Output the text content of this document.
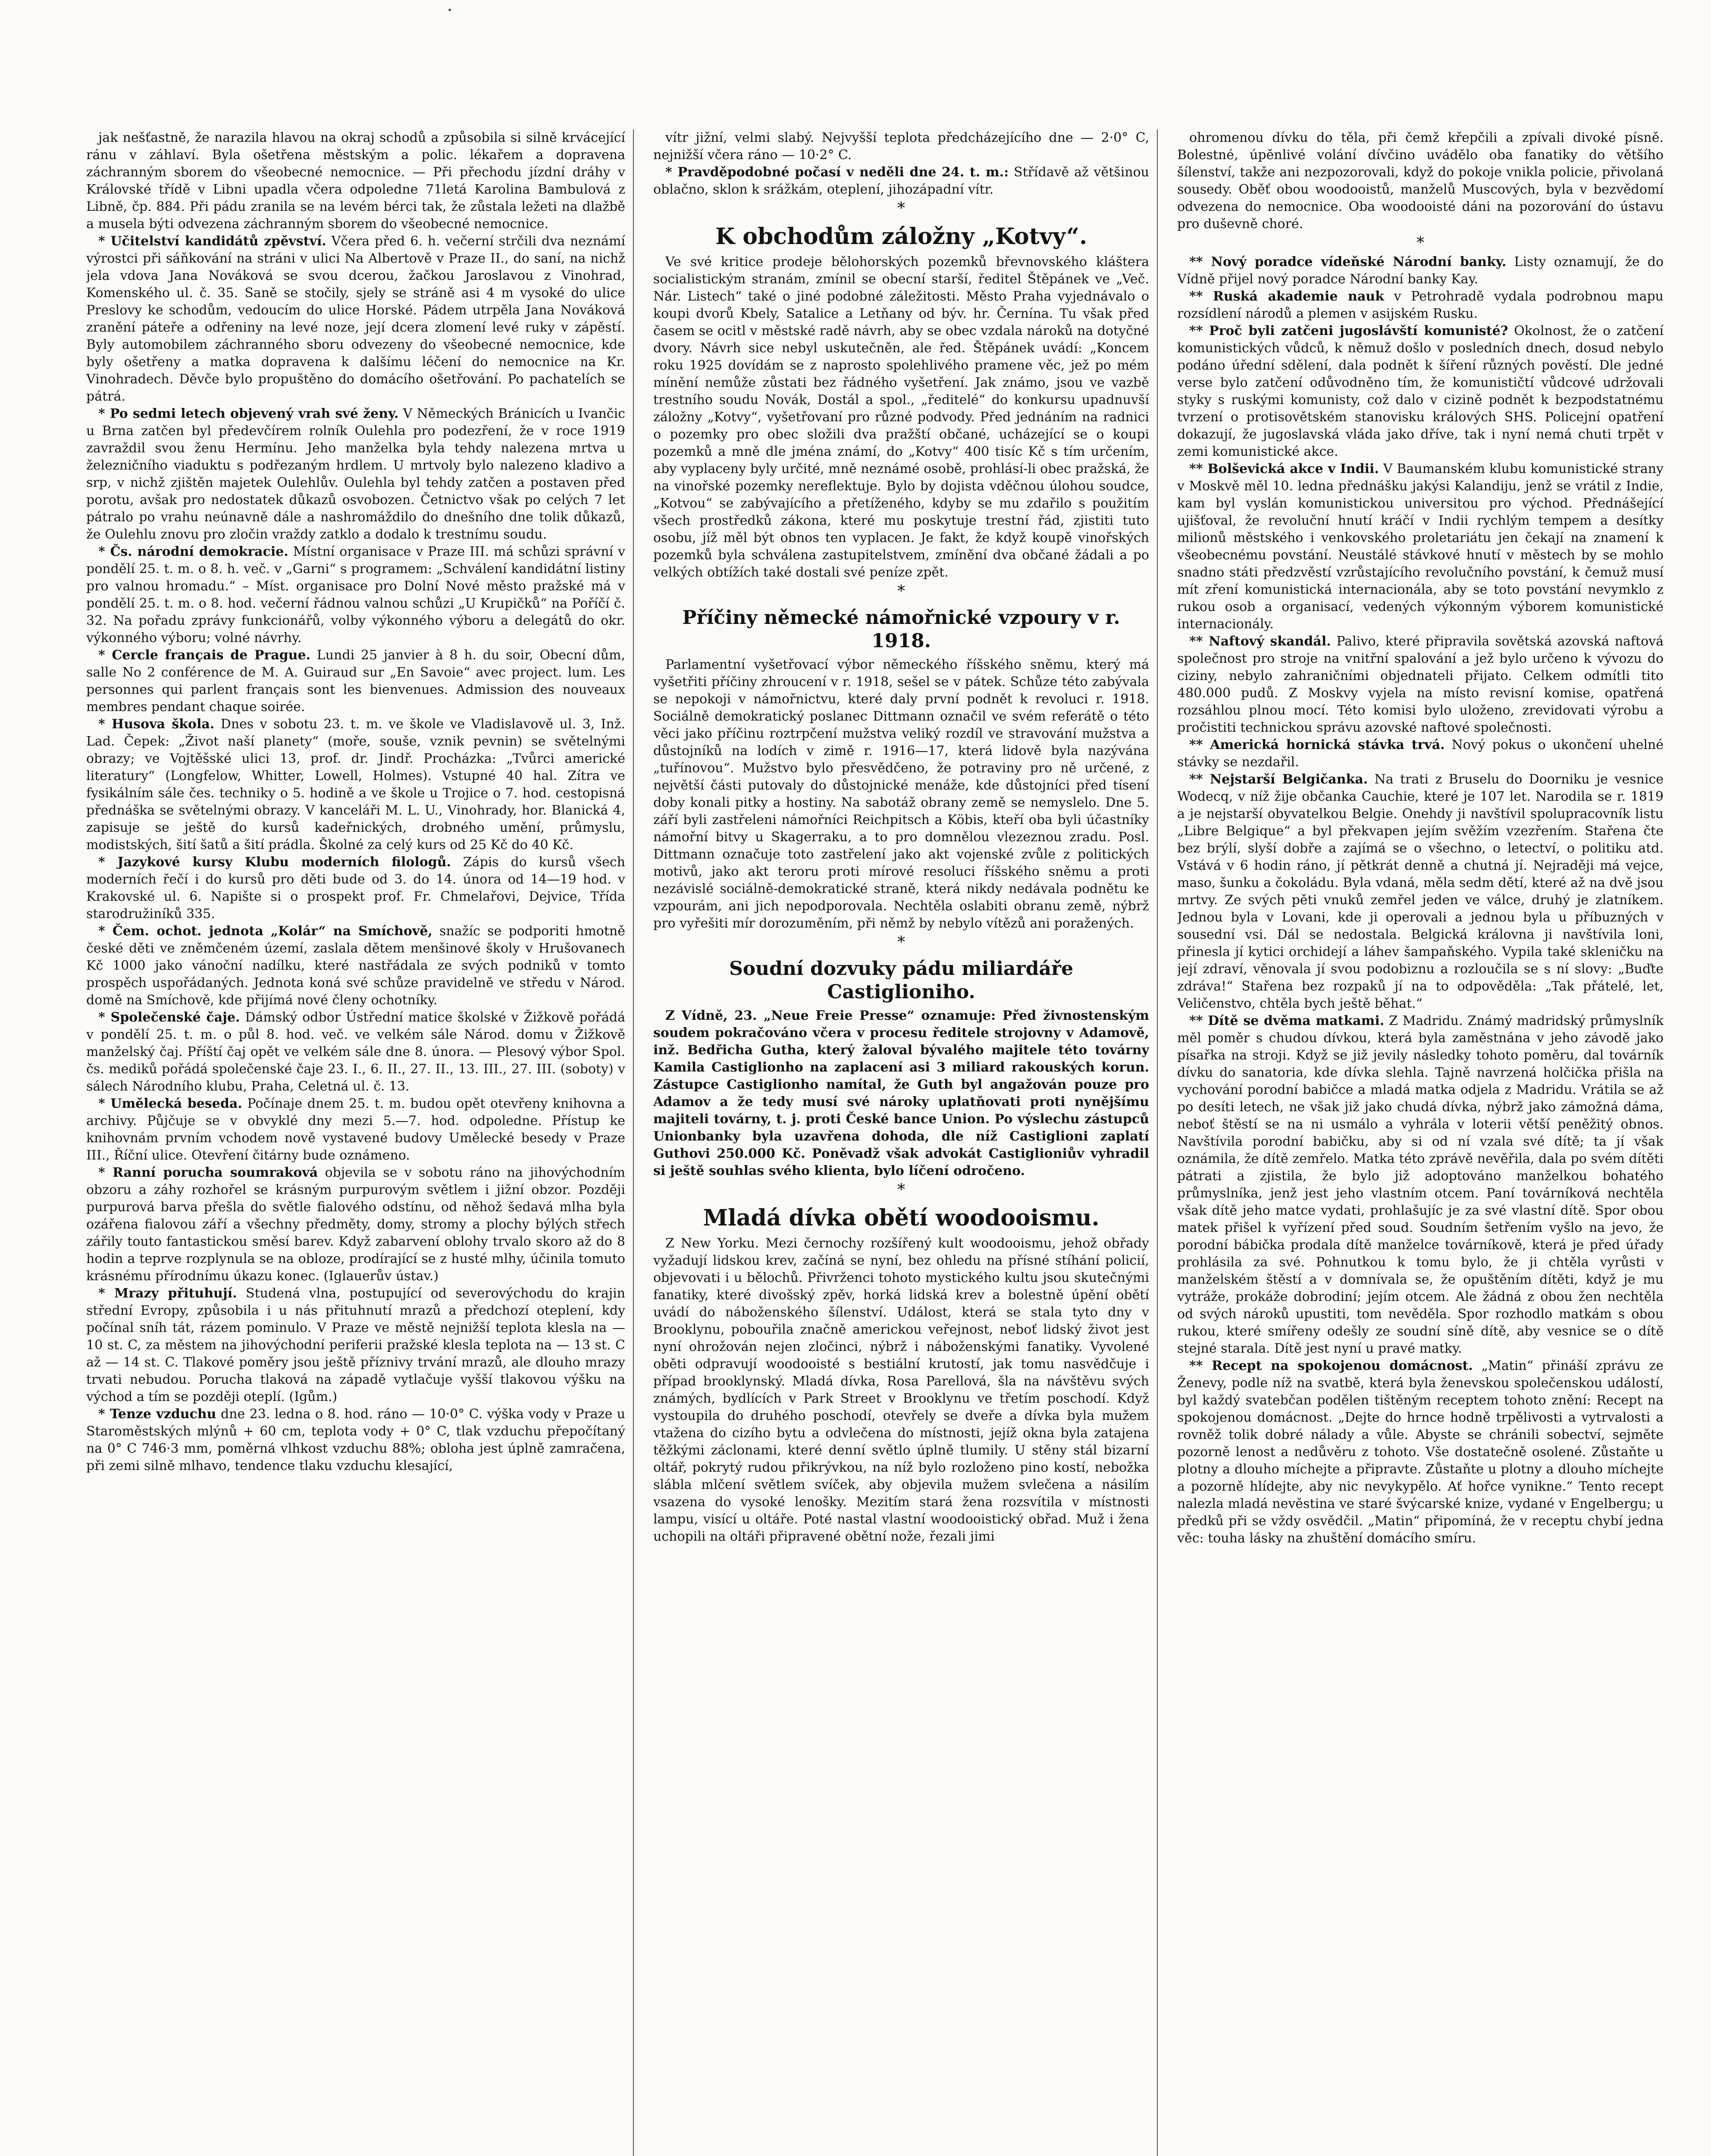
jak nešťastně, že narazila hlavou na okraj schodů a způsobila si silně krvácející ránu v záhlaví. Byla ošetřena městským a polic. lékařem a dopravena záchranným sborem do všeobecné nemocnice. — Při přechodu jízdní dráhy v Královské třídě v Libni upadla včera odpoledne 71letá Karolina Bambulová z Libně, čp. 884. Při pádu zranila se na levém bérci tak, že zůstala ležeti na dlažbě a musela býti odvezena záchranným sborem do všeobecné nemocnice.

* Učitelství kandidátů zpěvství. Včera před 6. h. večerní strčili dva neznámí výrostci při sáňkování na stráni v ulici Na Albertově v Praze II., do saní, na nichž jela vdova Jana Nováková se svou dcerou, žačkou Jaroslavou z Vinohrad, Komenského ul. č. 35. Saně se stočily, sjely se stráně asi 4 m vysoké do ulice Preslovy ke schodům, vedoucím do ulice Horské. Pádem utrpěla Jana Nováková zranění páteře a odřeniny na levé noze, její dcera zlomení levé ruky v zápěstí. Byly automobilem záchranného sboru odvezeny do všeobecné nemocnice, kde byly ošetřeny a matka dopravena k dalšímu léčení do nemocnice na Kr. Vinohradech. Děvče bylo propuštěno do domácího ošetřování. Po pachatelích se pátrá.

* Po sedmi letech objevený vrah své ženy. V Německých Bránicích u Ivančic u Brna zatčen byl předevčírem rolník Oulehla pro podezření, že v roce 1919 zavraždil svou ženu Hermínu. Jeho manželka byla tehdy nalezena mrtva u železničního viaduktu s podřezaným hrdlem. U mrtvoly bylo nalezeno kladivo a srp, v nichž zjištěn majetek Oulehlův. Oulehla byl tehdy zatčen a postaven před porotu, avšak pro nedostatek důkazů osvobozen. Četnictvo však po celých 7 let pátralo po vrahu neúnavně dále a nashromáždilo do dnešního dne tolik důkazů, že Oulehlu znovu pro zločin vraždy zatklo a dodalo k trestnímu soudu.

* Čs. národní demokracie. Místní organisace v Praze III. má schůzi správní v pondělí 25. t. m. o 8. h. več. v „Garni“ s programem: „Schválení kandidátní listiny pro valnou hromadu.“ – Míst. organisace pro Dolní Nové město pražské má v pondělí 25. t. m. o 8. hod. večerní řádnou valnou schůzi „U Krupičků“ na Poříčí č. 32. Na pořadu zprávy funkcionářů, volby výkonného výboru a delegátů do okr. výkonného výboru; volné návrhy.

* Cercle français de Prague. Lundi 25 janvier à 8 h. du soir, Obecní dům, salle No 2 conférence de M. A. Guiraud sur „En Savoie“ avec project. lum. Les personnes qui parlent français sont les bienvenues. Admission des nouveaux membres pendant chaque soirée.

* Husova škola. Dnes v sobotu 23. t. m. ve škole ve Vladislavově ul. 3, Inž. Lad. Čepek: „Život naší planety“ (moře, souše, vznik pevnin) se světelnými obrazy; ve Vojtěšské ulici 13, prof. dr. Jindř. Procházka: „Tvůrci americké literatury“ (Longfelow, Whitter, Lowell, Holmes). Vstupné 40 hal. Zítra ve fysikálním sále čes. techniky o 5. hodině a ve škole u Trojice o 7. hod. cestopisná přednáška se světelnými obrazy. V kanceláři M. L. U., Vinohrady, hor. Blanická 4, zapisuje se ještě do kursů kadeřnických, drobného umění, průmyslu, modistských, šití šatů a šití prádla. Školné za celý kurs od 25 Kč do 40 Kč.

* Jazykové kursy Klubu moderních filologů. Zápis do kursů všech moderních řečí i do kursů pro děti bude od 3. do 14. února od 14—19 hod. v Krakovské ul. 6. Napište si o prospekt prof. Fr. Chmelařovi, Dejvice, Třída starodružiníků 335.

* Čem. ochot. jednota „Kolár“ na Smíchově, snažíc se podporiti hmotně české děti ve zněmčeném území, zaslala dětem menšinové školy v Hrušovanech Kč 1000 jako vánoční nadílku, které nastřádala ze svých podniků v tomto prospěch uspořádaných. Jednota koná své schůze pravidelně ve středu v Národ. domě na Smíchově, kde přijímá nové členy ochotníky.

* Společenské čaje. Dámský odbor Ústřední matice školské v Žižkově pořádá v pondělí 25. t. m. o půl 8. hod. več. ve velkém sále Národ. domu v Žižkově manželský čaj. Příští čaj opět ve velkém sále dne 8. února. — Plesový výbor Spol. čs. mediků pořádá společenské čaje 23. I., 6. II., 27. II., 13. III., 27. III. (soboty) v sálech Národního klubu, Praha, Celetná ul. č. 13.

* Umělecká beseda. Počínaje dnem 25. t. m. budou opět otevřeny knihovna a archivy. Půjčuje se v obvyklé dny mezi 5.—7. hod. odpoledne. Přístup ke knihovnám prvním vchodem nově vystavené budovy Umělecké besedy v Praze III., Říční ulice. Otevření čitárny bude oznámeno.

* Ranní porucha soumraková objevila se v sobotu ráno na jihovýchodním obzoru a záhy rozhořel se krásným purpurovým světlem i jižní obzor. Později purpurová barva přešla do světle fialového odstínu, od něhož šedavá mlha byla ozářena fialovou září a všechny předměty, domy, stromy a plochy býlých střech zářily touto fantastickou směsí barev. Když zabarvení oblohy trvalo skoro až do 8 hodin a teprve rozplynula se na obloze, prodírající se z husté mlhy, účinila tomuto krásnému přírodnímu úkazu konec. (Iglauerův ústav.)

* Mrazy přituhují. Studená vlna, postupující od severovýchodu do krajin střední Evropy, způsobila i u nás přituhnutí mrazů a předchozí oteplení, kdy počínal sníh tát, rázem pominulo. V Praze ve městě nejnižší teplota klesla na — 10 st. C, za městem na jihovýchodní periferii pražské klesla teplota na — 13 st. C až — 14 st. C. Tlakové poměry jsou ještě příznivy trvání mrazů, ale dlouho mrazy trvati nebudou. Porucha tlaková na západě vytlačuje vyšší tlakovou výšku na východ a tím se později oteplí. (Igům.)

* Tenze vzduchu dne 23. ledna o 8. hod. ráno — 10·0° C. výška vody v Praze u Staroměstských mlýnů + 60 cm, teplota vody + 0° C, tlak vzduchu přepočítaný na 0° C 746·3 mm, poměrná vlhkost vzduchu 88%; obloha jest úplně zamračena, při zemi silně mlhavo, tendence tlaku vzduchu klesající,

vítr jižní, velmi slabý. Nejvyšší teplota předcházejícího dne — 2·0° C, nejnižší včera ráno — 10·2° C.

* Pravděpodobné počasí v neděli dne 24. t. m.: Střídavě až většinou oblačno, sklon k srážkám, oteplení, jihozápadní vítr.

*
K obchodům záložny „Kotvy“.

Ve své kritice prodeje bělohorských pozemků břevnovského kláštera socialistickým stranám, zmínil se obecní starší, ředitel Štěpánek ve „Več. Nár. Listech“ také o jiné podobné záležitosti. Město Praha vyjednávalo o koupi dvorů Kbely, Satalice a Letňany od býv. hr. Černína. Tu však před časem se ocitl v městské radě návrh, aby se obec vzdala nároků na dotyčné dvory. Návrh sice nebyl uskutečněn, ale řed. Štěpánek uvádí: „Koncem roku 1925 dovídám se z naprosto spolehlivého pramene věc, jež po mém mínění nemůže zůstati bez řádného vyšetření. Jak známo, jsou ve vazbě trestního soudu Novák, Dostál a spol., „ředitelé“ do konkursu upadnuvší záložny „Kotvy“, vyšetřovaní pro různé podvody. Před jednáním na radnici o pozemky pro obec složili dva pražští občané, ucházející se o koupi pozemků a mně dle jména známí, do „Kotvy“ 400 tisíc Kč s tím určením, aby vyplaceny byly určité, mně neznámé osobě, prohlásí-li obec pražská, že na vinořské pozemky nereflektuje. Bylo by dojista vděčnou úlohou soudce, „Kotvou“ se zabývajícího a přetíženého, kdyby se mu zdařilo s použitím všech prostředků zákona, které mu poskytuje trestní řád, zjistiti tuto osobu, jíž měl být obnos ten vyplacen. Je fakt, že když koupě vinořských pozemků byla schválena zastupitelstvem, zmínění dva občané žádali a po velkých obtížích také dostali své peníze zpět.

*
Příčiny německé námořnické vzpoury v r. 1918.

Parlamentní vyšetřovací výbor německého říšského sněmu, který má vyšetřiti příčiny zhroucení v r. 1918, sešel se v pátek. Schůze této zabývala se nepokoji v námořnictvu, které daly první podnět k revoluci r. 1918. Sociálně demokratický poslanec Dittmann označil ve svém referátě o této věci jako příčinu roztrpčení mužstva veliký rozdíl ve stravování mužstva a důstojníků na lodích v zimě r. 1916—17, která lidově byla nazývána „tuřínovou“. Mužstvo bylo přesvědčeno, že potraviny pro ně určené, z největší části putovaly do důstojnické menáže, kde důstojníci před tísení doby konali pitky a hostiny. Na sabotáž obrany země se nemyslelo. Dne 5. září byli zastřeleni námořníci Reichpitsch a Köbis, kteří oba byli účastníky námořní bitvy u Skagerraku, a to pro domnělou vlezeznou zradu. Posl. Dittmann označuje toto zastřelení jako akt vojenské zvůle z politických motivů, jako akt teroru proti mírové resoluci říšského sněmu a proti nezávislé sociálně-demokratické straně, která nikdy nedávala podnětu ke vzpourám, ani jich nepodporovala. Nechtěla oslabiti obranu země, nýbrž pro vyřešiti mír dorozuměním, při němž by nebylo vítězů ani poražených.

*
Soudní dozvuky pádu miliardáře Castiglioniho.

Z Vídně, 23. „Neue Freie Presse“ oznamuje: Před živnostenským soudem pokračováno včera v procesu ředitele strojovny v Adamově, inž. Bedřicha Gutha, který žaloval bývalého majitele této továrny Kamila Castiglionho na zaplacení asi 3 miliard rakouských korun. Zástupce Castiglionho namítal, že Guth byl angažován pouze pro Adamov a že tedy musí své nároky uplatňovati proti nynějšímu majiteli továrny, t. j. proti České bance Union. Po výslechu zástupců Unionbanky byla uzavřena dohoda, dle níž Castiglioni zaplatí Guthovi 250.000 Kč. Poněvadž však advokát Castiglioniův vyhradil si ještě souhlas svého klienta, bylo líčení odročeno.

*
Mladá dívka obětí woodooismu.

Z New Yorku. Mezi černochy rozšířený kult woodooismu, jehož obřady vyžadují lidskou krev, začíná se nyní, bez ohledu na přísné stíhání policií, objevovati i u bělochů. Přivrženci tohoto mystického kultu jsou skutečnými fanatiky, které divošský zpěv, horká lidská krev a bolestně úpění obětí uvádí do náboženského šílenství. Událost, která se stala tyto dny v Brooklynu, pobouřila značně americkou veřejnost, neboť lidský život jest nyní ohrožován nejen zločinci, nýbrž i náboženskými fanatiky. Vyvolené oběti odpravují woodooisté s bestiální krutostí, jak tomu nasvědčuje i případ brooklynský. Mladá dívka, Rosa Parellová, šla na návštěvu svých známých, bydlících v Park Street v Brooklynu ve třetím poschodí. Když vystoupila do druhého poschodí, otevřely se dveře a dívka byla mužem vtažena do cizího bytu a odvlečena do místnosti, jejíž okna byla zatajena těžkými záclonami, které denní světlo úplně tlumily. U stěny stál bizarní oltář, pokrytý rudou přikrývkou, na níž bylo rozloženo pino kostí, nebožka slábla mlčení světlem svíček, aby objevila mužem svlečena a násilím vsazena do vysoké lenošky. Mezitím stará žena rozsvítila v místnosti lampu, visící u oltáře. Poté nastal vlastní woodooistický obřad. Muž i žena uchopili na oltáři připravené obětní nože, řezali jimi

ohromenou dívku do těla, při čemž křepčili a zpívali divoké písně. Bolestné, úpěnlivé volání dívčino uvádělo oba fanatiky do většího šílenství, takže ani nezpozorovali, když do pokoje vnikla policie, přivolaná sousedy. Oběť obou woodooistů, manželů Muscových, byla v bezvědomí odvezena do nemocnice. Oba woodooisté dáni na pozorování do ústavu pro duševně choré.

*

** Nový poradce vídeňské Národní banky. Listy oznamují, že do Vídně přijel nový poradce Národní banky Kay.

** Ruská akademie nauk v Petrohradě vydala podrobnou mapu rozsídlení národů a plemen v asijském Rusku.

** Proč byli zatčeni jugoslávští komunisté? Okolnost, že o zatčení komunistických vůdců, k němuž došlo v posledních dnech, dosud nebylo podáno úřední sdělení, dala podnět k šíření různých pověstí. Dle jedné verse bylo zatčení odůvodněno tím, že komunističtí vůdcové udržovali styky s ruskými komunisty, což dalo v cizině podnět k bezpodstatnému tvrzení o protisovětském stanovisku králových SHS. Policejní opatření dokazují, že jugoslavská vláda jako dříve, tak i nyní nemá chuti trpět v zemi komunistické akce.

** Bolševická akce v Indii. V Baumanském klubu komunistické strany v Moskvě měl 10. ledna přednášku jakýsi Kalandiju, jenž se vrátil z Indie, kam byl vyslán komunistickou universitou pro východ. Přednášející ujišťoval, že revoluční hnutí kráčí v Indii rychlým tempem a desítky milionů městského i venkovského proletariátu jen čekají na znamení k všeobecnému povstání. Neustálé stávkové hnutí v městech by se mohlo snadno státi předzvěstí vzrůstajícího revolučního povstání, k čemuž musí mít zření komunistická internacionála, aby se toto povstání nevymklo z rukou osob a organisací, vedených výkonným výborem komunistické internacionály.

** Naftový skandál. Palivo, které připravila sovětská azovská naftová společnost pro stroje na vnitřní spalování a jež bylo určeno k vývozu do ciziny, nebylo zahraničními objednateli přijato. Celkem odmítli tito 480.000 pudů. Z Moskvy vyjela na místo revisní komise, opatřená rozsáhlou plnou mocí. Této komisi bylo uloženo, zrevidovati výrobu a pročistiti technickou správu azovské naftové společnosti.

** Americká hornická stávka trvá. Nový pokus o ukončení uhelné stávky se nezdařil.

** Nejstarší Belgičanka. Na trati z Bruselu do Doorniku je vesnice Wodecq, v níž žije občanka Cauchie, které je 107 let. Narodila se r. 1819 a je nejstarší obyvatelkou Belgie. Onehdy ji navštívil spolupracovník listu „Libre Belgique“ a byl překvapen jejím svěžím vzezřením. Stařena čte bez brýlí, slyší dobře a zajímá se o všechno, o letectví, o politiku atd. Vstává v 6 hodin ráno, jí pětkrát denně a chutná jí. Nejraději má vejce, maso, šunku a čokoládu. Byla vdaná, měla sedm dětí, které až na dvě jsou mrtvy. Ze svých pěti vnuků zemřel jeden ve válce, druhý je zlatníkem. Jednou byla v Lovani, kde ji operovali a jednou byla u příbuzných v sousední vsi. Dál se nedostala. Belgická královna ji navštívila loni, přinesla jí kytici orchidejí a láhev šampaňského. Vypila také skleničku na její zdraví, věnovala jí svou podobiznu a rozloučila se s ní slovy: „Buďte zdráva!“ Stařena bez rozpaků jí na to odpověděla: „Tak přátelé, let, Veličenstvo, chtěla bych ještě běhat.“

** Dítě se dvěma matkami. Z Madridu. Známý madridský průmyslník měl poměr s chudou dívkou, která byla zaměstnána v jeho závodě jako písařka na stroji. Když se již jevily následky tohoto poměru, dal továrník dívku do sanatoria, kde dívka slehla. Tajně navrzená holčička přišla na vychování porodní babičce a mladá matka odjela z Madridu. Vrátila se až po desíti letech, ne však již jako chudá dívka, nýbrž jako zámožná dáma, neboť štěstí se na ni usmálo a vyhrála v loterii větší peněžitý obnos. Navštívila porodní babičku, aby si od ní vzala své dítě; ta jí však oznámila, že dítě zemřelo. Matka této zprávě nevěřila, dala po svém dítěti pátrati a zjistila, že bylo již adoptováno manželkou bohatého průmyslníka, jenž jest jeho vlastním otcem. Paní továrníková nechtěla však dítě jeho matce vydati, prohlašujíc je za své vlastní dítě. Spor obou matek přišel k vyřízení před soud. Soudním šetřením vyšlo na jevo, že porodní bábička prodala dítě manželce továrníkově, která je před úřady prohlásila za své. Pohnutkou k tomu bylo, že ji chtěla vyrůsti v manželském štěstí a v domnívala se, že opuštěním dítěti, když je mu vytráže, prokáže dobrodiní; jejím otcem. Ale žádná z obou žen nechtěla od svých nároků upustiti, tom nevěděla. Spor rozhodlo matkám s obou rukou, které smířeny odešly ze soudní síně dítě, aby vesnice se o dítě stejné starala. Dítě jest nyní u pravé matky.

** Recept na spokojenou domácnost. „Matin“ přináší zprávu ze Ženevy, podle níž na svatbě, která byla ženevskou společenskou událostí, byl každý svatebčan podělen tištěným receptem tohoto znění: Recept na spokojenou domácnost. „Dejte do hrnce hodně trpělivosti a vytrvalosti a rovněž tolik dobré nálady a vůle. Abyste se chránili sobectví, sejměte pozorně lenost a nedůvěru z tohoto. Vše dostatečně osolené. Zůstaňte u plotny a dlouho míchejte a připravte. Zůstaňte u plotny a dlouho míchejte a pozorně hlídejte, aby nic nevykypělo. Ať hořce vynikne.“ Tento recept nalezla mladá nevěstina ve staré švýcarské knize, vydané v Engelbergu; u předků při se vždy osvědčil. „Matin“ připomíná, že v receptu chybí jedna věc: touha lásky na zhuštění domácího smíru.
